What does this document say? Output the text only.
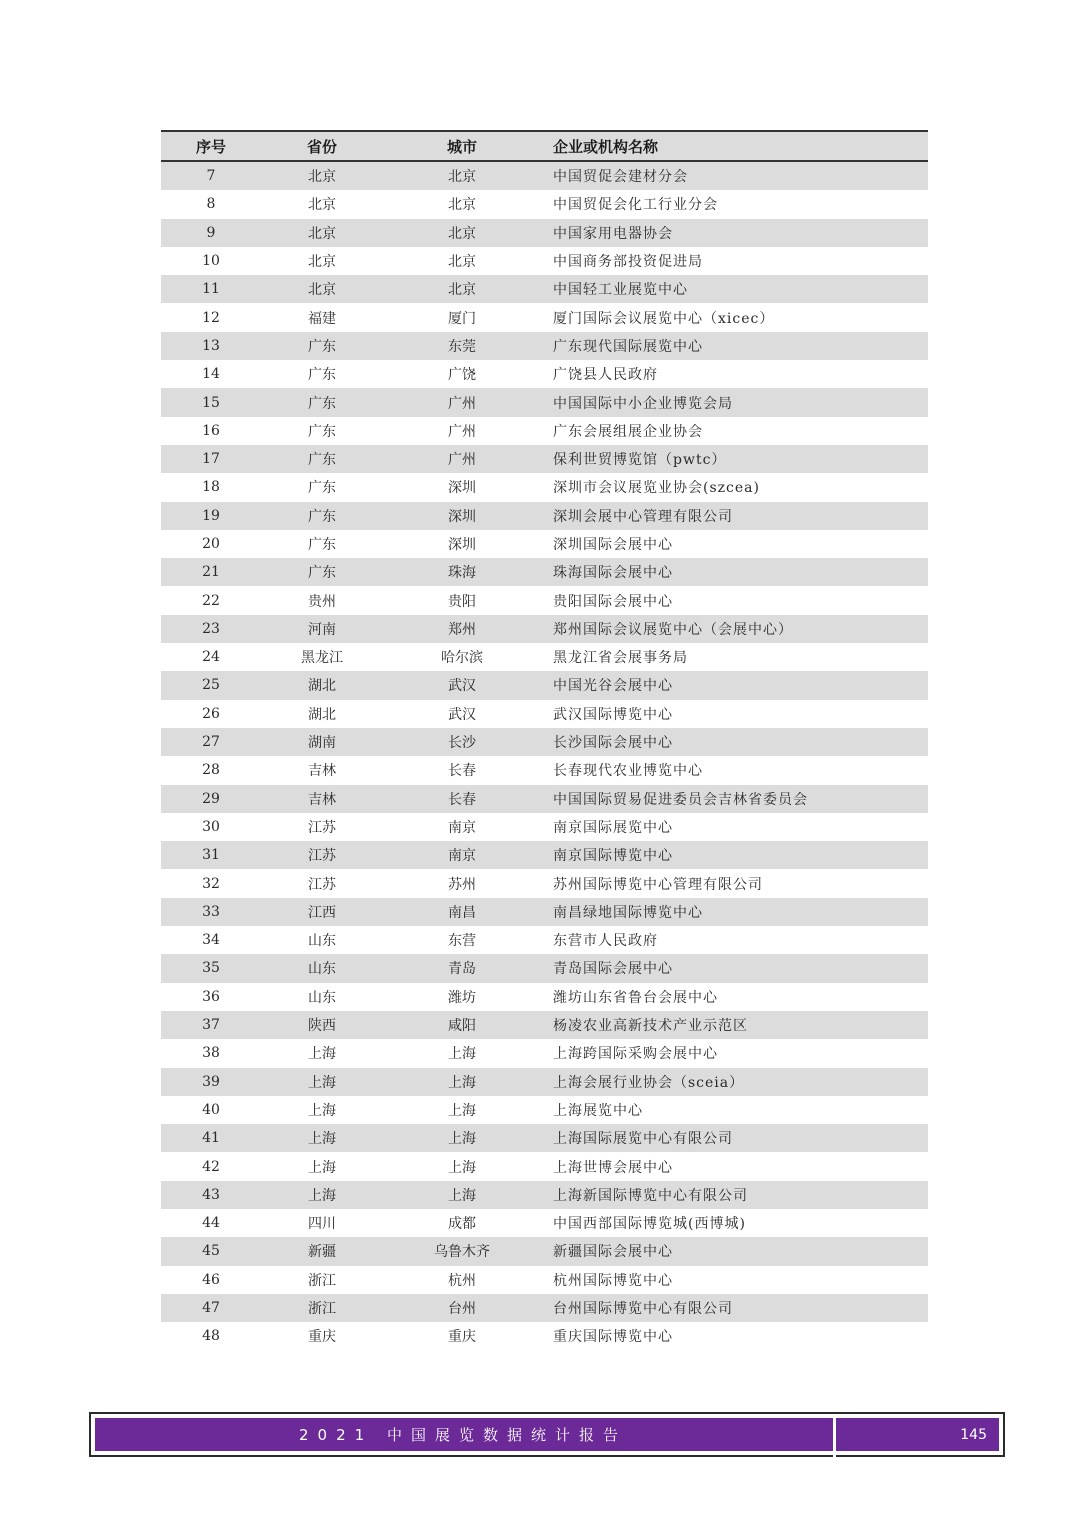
序号	省份	城市	企业或机构名称
7	北京	北京	中国贸促会建材分会
8	北京	北京	中国贸促会化工行业分会
9	北京	北京	中国家用电器协会
10	北京	北京	中国商务部投资促进局
11	北京	北京	中国轻工业展览中心
12	福建	厦门	厦门国际会议展览中心（xicec）
13	广东	东莞	广东现代国际展览中心
14	广东	广饶	广饶县人民政府
15	广东	广州	中国国际中小企业博览会局
16	广东	广州	广东会展组展企业协会
17	广东	广州	保利世贸博览馆（pwtc）
18	广东	深圳	深圳市会议展览业协会(szcea)
19	广东	深圳	深圳会展中心管理有限公司
20	广东	深圳	深圳国际会展中心
21	广东	珠海	珠海国际会展中心
22	贵州	贵阳	贵阳国际会展中心
23	河南	郑州	郑州国际会议展览中心（会展中心）
24	黑龙江	哈尔滨	黑龙江省会展事务局
25	湖北	武汉	中国光谷会展中心
26	湖北	武汉	武汉国际博览中心
27	湖南	长沙	长沙国际会展中心
28	吉林	长春	长春现代农业博览中心
29	吉林	长春	中国国际贸易促进委员会吉林省委员会
30	江苏	南京	南京国际展览中心
31	江苏	南京	南京国际博览中心
32	江苏	苏州	苏州国际博览中心管理有限公司
33	江西	南昌	南昌绿地国际博览中心
34	山东	东营	东营市人民政府
35	山东	青岛	青岛国际会展中心
36	山东	潍坊	潍坊山东省鲁台会展中心
37	陕西	咸阳	杨凌农业高新技术产业示范区
38	上海	上海	上海跨国际采购会展中心
39	上海	上海	上海会展行业协会（sceia）
40	上海	上海	上海展览中心
41	上海	上海	上海国际展览中心有限公司
42	上海	上海	上海世博会展中心
43	上海	上海	上海新国际博览中心有限公司
44	四川	成都	中国西部国际博览城(西博城)
45	新疆	乌鲁木齐	新疆国际会展中心
46	浙江	杭州	杭州国际博览中心
47	浙江	台州	台州国际博览中心有限公司
48	重庆	重庆	重庆国际博览中心
2021 中国展览数据统计报告	145
